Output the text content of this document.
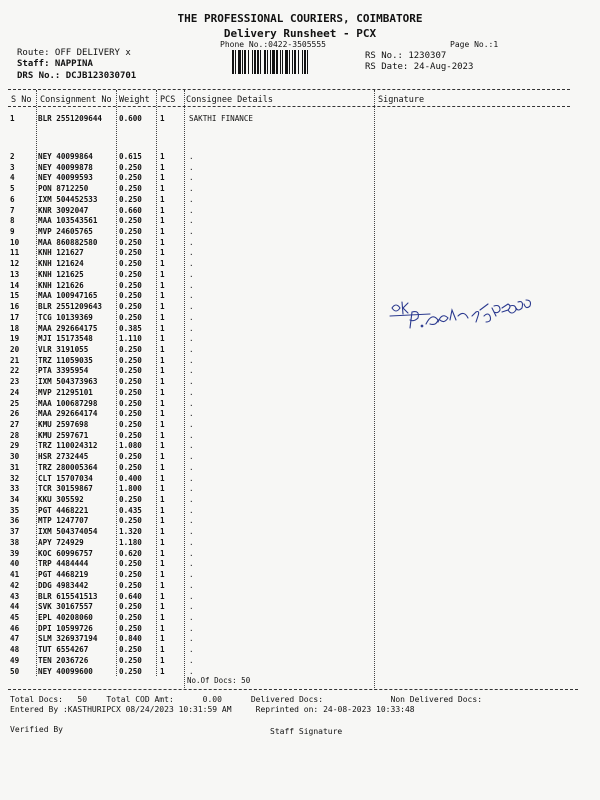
THE PROFESSIONAL COURIERS, COIMBATORE
Delivery Runsheet - PCX
Phone No.:0422-3505555	Page No.:1
Route: OFF DELIVERY x
Staff: NAPPINA
DRS No.: DCJB123030701
RS No.: 1230307
RS Date: 24-Aug-2023
S No Consignment No Weight PCS Consignee Details	Signature
1	BLR 2551209644 0.600 1	SAKTHI FINANCE
2	NEY 40099864	0.615 1	.
3	NEY 40099878	0.250 1	.
4	NEY 40099593	0.250 1	.
5	PON 8712250	0.250 1	.
6	IXM 504452533	0.250 1	.
7	KNR 3092047	0.660 1	.
8	MAA 103543561	0.250 1	.
9	MVP 24605765	0.250 1	.
10	MAA 860882580	0.250 1	.
11	KNH 121627	0.250 1	.
12	KNH 121624	0.250 1	.
13	KNH 121625	0.250 1	.
14	KNH 121626	0.250 1	.
15	MAA 100947165	0.250 1	.
16	BLR 2551209643 0.250 1	.
17	TCG 10139369	0.250 1	.
18	MAA 292664175	0.385 1	.
19	MJI 15173548	1.110 1	.
20	VLR 3191055	0.250 1	.
21	TRZ 11059035	0.250 1	.
22	PTA 3395954	0.250 1	.
23	IXM 504373963	0.250 1	.
24	MVP 21295101	0.250 1	.
25	MAA 100687298	0.250 1	.
26	MAA 292664174	0.250 1	.
27	KMU 2597698	0.250 1	.
28	KMU 2597671	0.250 1	.
29	TRZ 110024312	1.080 1	.
30	HSR 2732445	0.250 1	.
31	TRZ 280005364	0.250 1	.
32	CLT 15707034	0.400 1	.
33	TCR 30159867	1.800 1	.
34	KKU 305592	0.250 1	.
35	PGT 4468221	0.435 1	.
36	MTP 1247707	0.250 1	.
37	IXM 504374054	1.320 1	.
38	APY 724929	1.180 1	.
39	KOC 60996757	0.620 1	.
40	TRP 4484444	0.250 1	.
41	PGT 4468219	0.250 1	.
42	DDG 4983442	0.250 1	.
43	BLR 615541513	0.640 1	.
44	SVK 30167557	0.250 1	.
45	EPL 40208060	0.250 1	.
46	DPI 10599726	0.250 1	.
47	SLM 326937194	0.840 1	.
48	TUT 6554267	0.250 1	.
49	TEN 2036726	0.250 1	.
50	NEY 40099600	0.250 1	.
No.Of Docs: 50
Total Docs:   50    Total COD Amt:      0.00      Delivered Docs:              Non Delivered Docs:
Entered By :KASTHURIPCX 08/24/2023 10:31:59 AM     Reprinted on: 24-08-2023 10:33:48
Verified By	Staff Signature
